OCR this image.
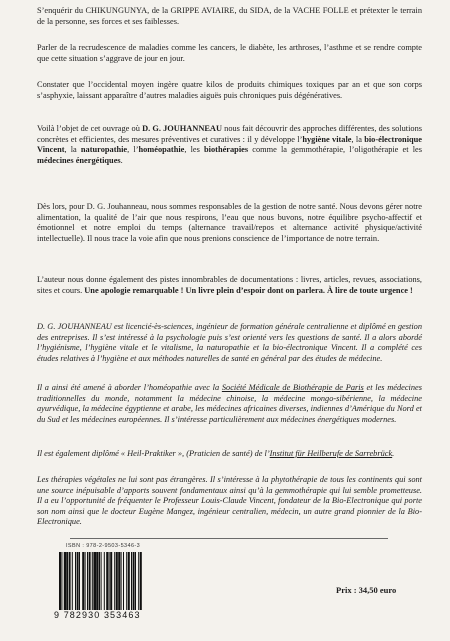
S’enquérir du CHIKUNGUNYA, de la GRIPPE AVIAIRE, du SIDA, de la VACHE FOLLE et prétexter le terrain de la personne, ses forces et ses faiblesses.

Parler de la recrudescence de maladies comme les cancers, le diabète, les arthroses, l’asthme et se rendre compte que cette situation s’aggrave de jour en jour.

Constater que l’occidental moyen ingère quatre kilos de produits chimiques toxiques par an et que son corps s’asphyxie, laissant apparaître d’autres maladies aiguës puis chroniques puis dégénératives.

Voilà l’objet de cet ouvrage où D. G. JOUHANNEAU nous fait découvrir des approches différentes, des solutions concrètes et efficientes, des mesures préventives et curatives : il y développe l’hygiène vitale, la bio-électronique Vincent, la naturopathie, l’homéopathie, les biothérapies comme la gemmothérapie, l’oligothérapie et les médecines énergétiques.

Dès lors, pour D. G. Jouhanneau, nous sommes responsables de la gestion de notre santé. Nous devons gérer notre alimentation, la qualité de l’air que nous respirons, l’eau que nous buvons, notre équilibre psycho-affectif et émotionnel et notre emploi du temps (alternance travail/repos et alternance activité physique/activité intellectuelle). Il nous trace la voie afin que nous prenions conscience de l’importance de notre terrain.

L’auteur nous donne également des pistes innombrables de documentations : livres, articles, revues, associations, sites et cours. Une apologie remarquable ! Un livre plein d’espoir dont on parlera. À lire de toute urgence !

D. G. JOUHANNEAU est licencié-ès-sciences, ingénieur de formation générale centralienne et diplômé en gestion des entreprises. Il s’est intéressé à la psychologie puis s’est orienté vers les questions de santé. Il a alors abordé l’hygiénisme, l’hygiène vitale et le vitalisme, la naturopathie et la bio-électronique Vincent. Il a complété ces études relatives à l’hygiène et aux méthodes naturelles de santé en général par des études de médecine.

Il a ainsi été amené à aborder l’homéopathie avec la Société Médicale de Biothérapie de Paris et les médecines traditionnelles du monde, notamment la médecine chinoise, la médecine mongo-sibérienne, la médecine ayurvédique, la médecine égyptienne et arabe, les médecines africaines diverses, indiennes d’Amérique du Nord et du Sud et les médecines européennes. Il s’intéresse particulièrement aux médecines énergétiques modernes.

Il est également diplômé « Heil-Praktiker », (Praticien de santé) de l’Institut für Heilberufe de Sarrebrück.

Les thérapies végétales ne lui sont pas étrangères. Il s’intéresse à la phytothérapie de tous les continents qui sont une source inépuisable d’apports souvent fondamentaux ainsi qu’à la gemmothérapie qui lui semble prometteuse. Il a eu l’opportunité de fréquenter le Professeur Louis-Claude Vincent, fondateur de la Bio-Electronique qui porte son nom ainsi que le docteur Eugène Mangez, ingénieur centralien, médecin, un autre grand pionnier de la Bio-Electronique.

ISBN : 978-2-9503-5346-3
9 782930 353463
Prix : 34,50 euro
